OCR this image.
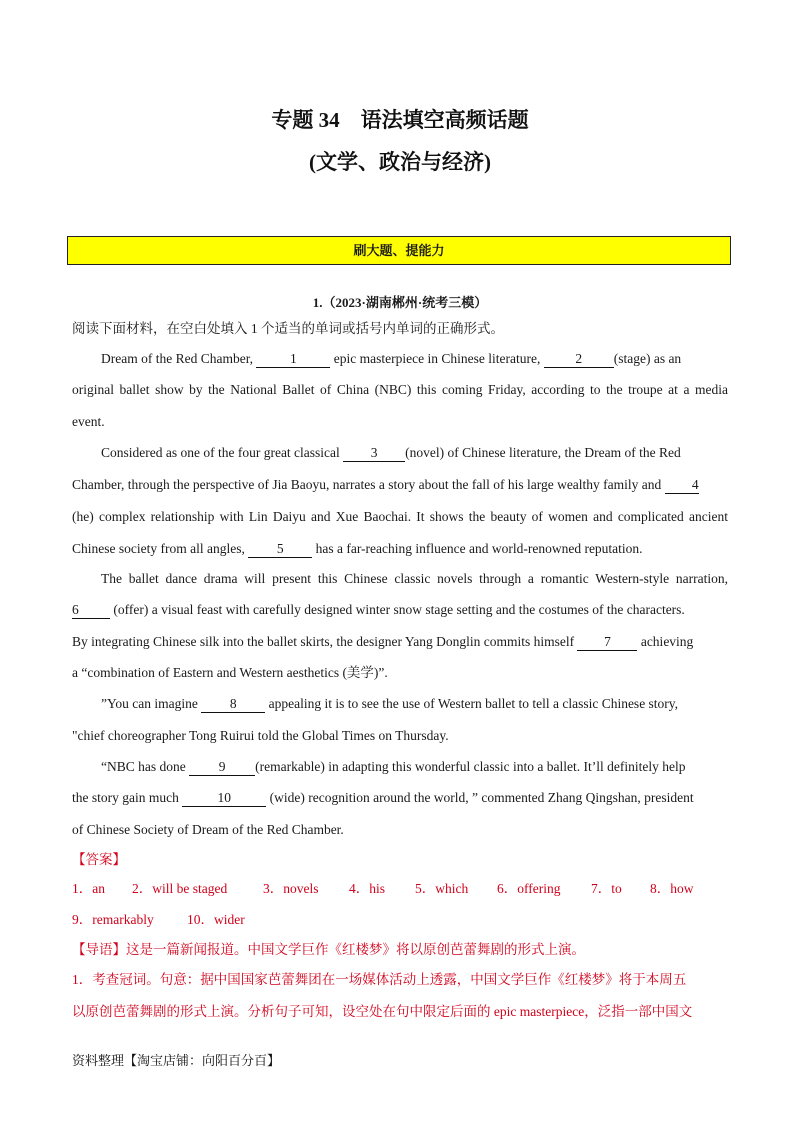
专题 34　语法填空高频话题
(文学、政治与经济)
刷大题、提能力
1.（2023·湖南郴州·统考三模）
阅读下面材料，在空白处填入 1 个适当的单词或括号内单词的正确形式。
Dream of the Red Chamber, 1 epic masterpiece in Chinese literature, 2 (stage) as an
original ballet show by the National Ballet of China (NBC) this coming Friday, according to the troupe at a media
event.
Considered as one of the four great classical 3 (novel) of Chinese literature, the Dream of the Red
Chamber, through the perspective of Jia Baoyu, narrates a story about the fall of his large wealthy family and 4
(he) complex relationship with Lin Daiyu and Xue Baochai. It shows the beauty of women and complicated ancient
Chinese society from all angles, 5 has a far-reaching influence and world-renowned reputation.
The ballet dance drama will present this Chinese classic novels through a romantic Western-style narration,
6 (offer) a visual feast with carefully designed winter snow stage setting and the costumes of the characters.
By integrating Chinese silk into the ballet skirts, the designer Yang Donglin commits himself 7 achieving
a “combination of Eastern and Western aesthetics (美学)”.
”You can imagine 8 appealing it is to see the use of Western ballet to tell a classic Chinese story,
"chief choreographer Tong Ruirui told the Global Times on Thursday.
“NBC has done 9 (remarkable) in adapting this wonderful classic into a ballet. It’ll definitely help
the story gain much	10	(wide) recognition around the world, ” commented Zhang Qingshan, president
of Chinese Society of Dream of the Red Chamber.
【答案】
1．an 2．will be staged	3．novels 4．his 5．which 6．offering 7．to 8．how
9．remarkably 10．wider
【导语】这是一篇新闻报道。中国文学巨作《红楼梦》将以原创芭蕾舞剧的形式上演。
1．考查冠词。句意：据中国国家芭蕾舞团在一场媒体活动上透露，中国文学巨作《红楼梦》将于本周五
以原创芭蕾舞剧的形式上演。分析句子可知，设空处在句中限定后面的 epic masterpiece，泛指一部中国文
资料整理【淘宝店铺：向阳百分百】
